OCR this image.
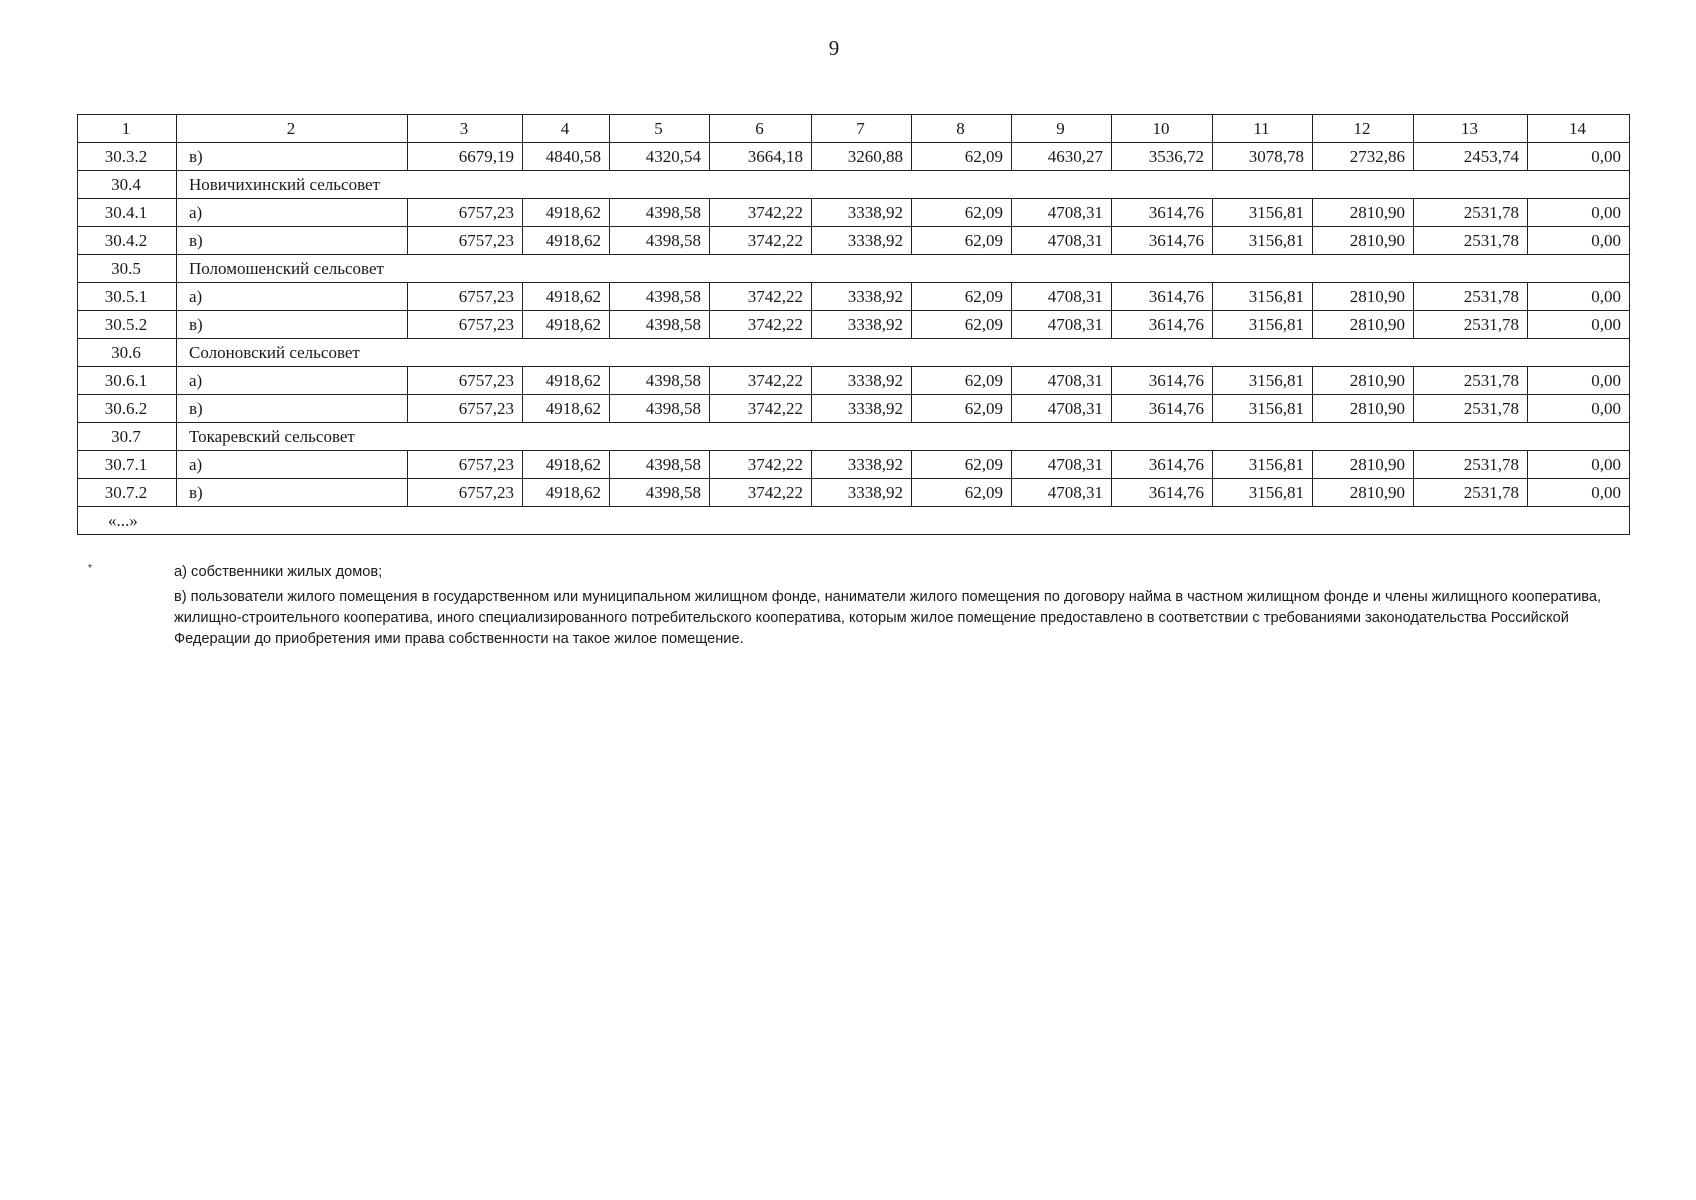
9
1	2	3	4	5	6	7	8	9	10	11	12	13	14
30.3.2	в)	6679,19	4840,58	4320,54	3664,18	3260,88	62,09	4630,27	3536,72	3078,78	2732,86	2453,74	0,00
30.4	Новичихинский сельсовет												
30.4.1	а)	6757,23	4918,62	4398,58	3742,22	3338,92	62,09	4708,31	3614,76	3156,81	2810,90	2531,78	0,00
30.4.2	в)	6757,23	4918,62	4398,58	3742,22	3338,92	62,09	4708,31	3614,76	3156,81	2810,90	2531,78	0,00
30.5	Поломошенский сельсовет												
30.5.1	а)	6757,23	4918,62	4398,58	3742,22	3338,92	62,09	4708,31	3614,76	3156,81	2810,90	2531,78	0,00
30.5.2	в)	6757,23	4918,62	4398,58	3742,22	3338,92	62,09	4708,31	3614,76	3156,81	2810,90	2531,78	0,00
30.6	Солоновский сельсовет												
30.6.1	а)	6757,23	4918,62	4398,58	3742,22	3338,92	62,09	4708,31	3614,76	3156,81	2810,90	2531,78	0,00
30.6.2	в)	6757,23	4918,62	4398,58	3742,22	3338,92	62,09	4708,31	3614,76	3156,81	2810,90	2531,78	0,00
30.7	Токаревский сельсовет												
30.7.1	а)	6757,23	4918,62	4398,58	3742,22	3338,92	62,09	4708,31	3614,76	3156,81	2810,90	2531,78	0,00
30.7.2	в)	6757,23	4918,62	4398,58	3742,22	3338,92	62,09	4708,31	3614,76	3156,81	2810,90	2531,78	0,00
«...»													
*	а) собственники жилых домов;

в) пользователи жилого помещения в государственном или муниципальном жилищном фонде, наниматели жилого помещения по договору найма в частном жилищном фонде и члены жилищного кооператива, жилищно-строительного кооператива, иного специализированного потребительского кооператива, которым жилое помещение предоставлено в соответствии с требованиями законодательства Российской Федерации до приобретения ими права собственности на такое жилое помещение.
